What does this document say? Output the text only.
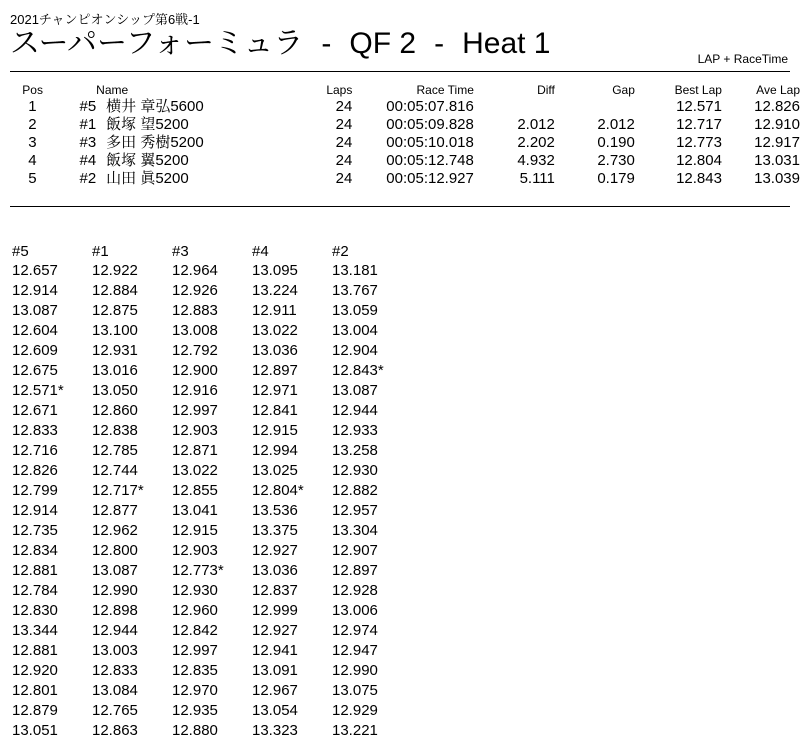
2021チャンピオンシップ第6戦-1
スーパーフォーミュラ - QF 2 - Heat 1	LAP + RaceTime
	Pos		Name	Laps	Race Time	Diff	Gap	Best Lap	Ave Lap
	1	#5	横井 章弘5600	24	00:05:07.816			12.571	12.826
	2	#1	飯塚 望5200	24	00:05:09.828	2.012	2.012	12.717	12.910
	3	#3	多田 秀樹5200	24	00:05:10.018	2.202	0.190	12.773	12.917
	4	#4	飯塚 翼5200	24	00:05:12.748	4.932	2.730	12.804	13.031
	5	#2	山田 眞5200	24	00:05:12.927	5.111	0.179	12.843	13.039
#5	#1	#3	#4	#2
12.657	12.922	12.964	13.095	13.181
12.914	12.884	12.926	13.224	13.767
13.087	12.875	12.883	12.911	13.059
12.604	13.100	13.008	13.022	13.004
12.609	12.931	12.792	13.036	12.904
12.675	13.016	12.900	12.897	12.843*
12.571*	13.050	12.916	12.971	13.087
12.671	12.860	12.997	12.841	12.944
12.833	12.838	12.903	12.915	12.933
12.716	12.785	12.871	12.994	13.258
12.826	12.744	13.022	13.025	12.930
12.799	12.717*	12.855	12.804*	12.882
12.914	12.877	13.041	13.536	12.957
12.735	12.962	12.915	13.375	13.304
12.834	12.800	12.903	12.927	12.907
12.881	13.087	12.773*	13.036	12.897
12.784	12.990	12.930	12.837	12.928
12.830	12.898	12.960	12.999	13.006
13.344	12.944	12.842	12.927	12.974
12.881	13.003	12.997	12.941	12.947
12.920	12.833	12.835	13.091	12.990
12.801	13.084	12.970	12.967	13.075
12.879	12.765	12.935	13.054	12.929
13.051	12.863	12.880	13.323	13.221
